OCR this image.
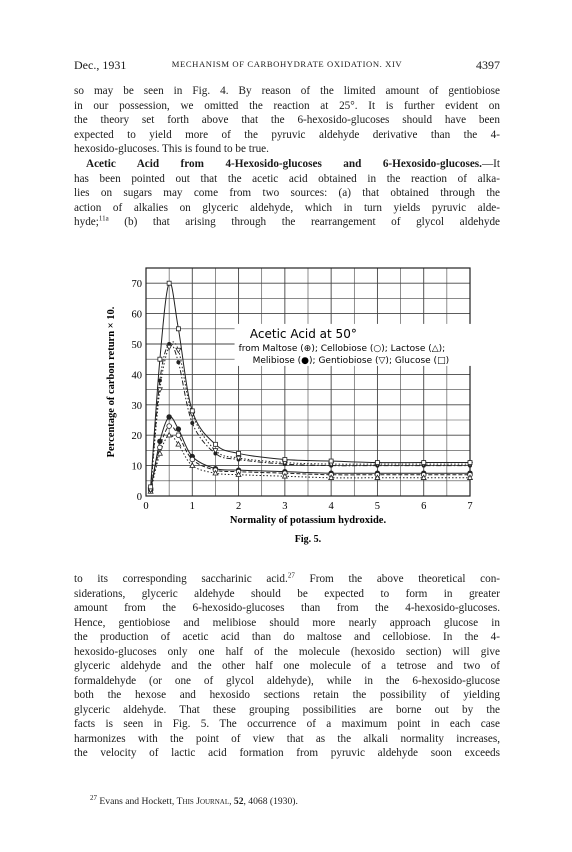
Dec., 1931	MECHANISM OF CARBOHYDRATE OXIDATION. XIV	4397

so may be seen in Fig. 4. By reason of the limited amount of gentiobiose
in our possession, we omitted the reaction at 25°. It is further evident on
the theory set forth above that the 6-hexosido-glucoses should have been
expected to yield more of the pyruvic aldehyde derivative than the 4-
hexosido-glucoses. This is found to be true.

Acetic Acid from 4-Hexosido-glucoses and 6-Hexosido-glucoses.—It
has been pointed out that the acetic acid obtained in the reaction of alka-
lies on sugars may come from two sources: (a) that obtained through the
action of alkalies on glyceric aldehyde, which in turn yields pyruvic alde-
hyde;$^{11a}$ (b) that arising through the rearrangement of glycol aldehyde

0	1	2	3	4	5	6	7
0
10
20
30
40
50
60
70
Normality of potassium hydroxide.
Percentage of carbon return × 10.
Fig. 5.
Acetic Acid at 50°
from Maltose (⊕); Cellobiose (○); Lactose (△);
Melibiose (●); Gentiobiose (▽); Glucose (□)

to its corresponding saccharinic acid.$^{27}$ From the above theoretical con-
siderations, glyceric aldehyde should be expected to form in greater
amount from the 6-hexosido-glucoses than from the 4-hexosido-glucoses.
Hence, gentiobiose and melibiose should more nearly approach glucose in
the production of acetic acid than do maltose and cellobiose. In the 4-
hexosido-glucoses only one half of the molecule (hexosido section) will give
glyceric aldehyde and the other half one molecule of a tetrose and two of
formaldehyde (or one of glycol aldehyde), while in the 6-hexosido-glucose
both the hexose and hexosido sections retain the possibility of yielding
glyceric aldehyde. That these grouping possibilities are borne out by the
facts is seen in Fig. 5. The occurrence of a maximum point in each case
harmonizes with the point of view that as the alkali normality increases,
the velocity of lactic acid formation from pyruvic aldehyde soon exceeds

$^{27}$ Evans and Hockett, This Journal, 52, 4068 (1930).
